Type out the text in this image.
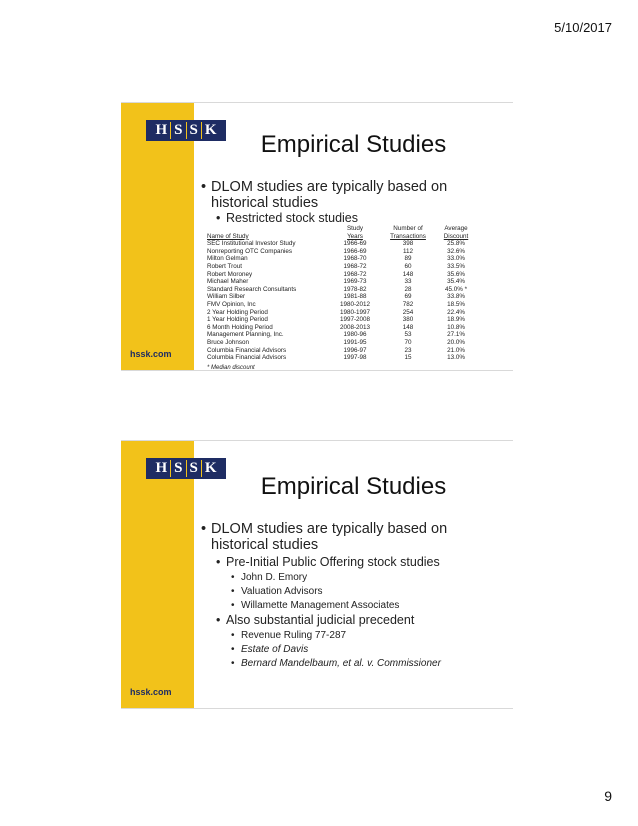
5/10/2017
hssk.com
H S S K
Empirical Studies
• DLOM studies are typically based on
historical studies
• Restricted stock studies
	Study	Number of	Average
Name of Study	Years	Transactions	Discount
SEC Institutional Investor Study	1966-69	398	25.8%
Nonreporting OTC Companies	1966-69	112	32.6%
Milton Gelman	1968-70	89	33.0%
Robert Trout	1968-72	60	33.5%
Robert Moroney	1968-72	148	35.6%
Michael Maher	1969-73	33	35.4%
Standard Research Consultants	1978-82	28	45.0% *
William Silber	1981-88	69	33.8%
FMV Opinion, Inc	1980-2012	782	18.5%
2 Year Holding Period	1980-1997	254	22.4%
1 Year Holding Period	1997-2008	380	18.9%
6 Month Holding Period	2008-2013	148	10.8%
Management Planning, Inc.	1980-96	53	27.1%
Bruce Johnson	1991-95	70	20.0%
Columbia Financial Advisors	1996-97	23	21.0%
Columbia Financial Advisors	1997-98	15	13.0%
* Median discount
hssk.com
H S S K
Empirical Studies
• DLOM studies are typically based on
historical studies
• Pre-Initial Public Offering stock studies
• John D. Emory
• Valuation Advisors
• Willamette Management Associates
• Also substantial judicial precedent
• Revenue Ruling 77-287
• Estate of Davis
• Bernard Mandelbaum, et al. v. Commissioner
9
